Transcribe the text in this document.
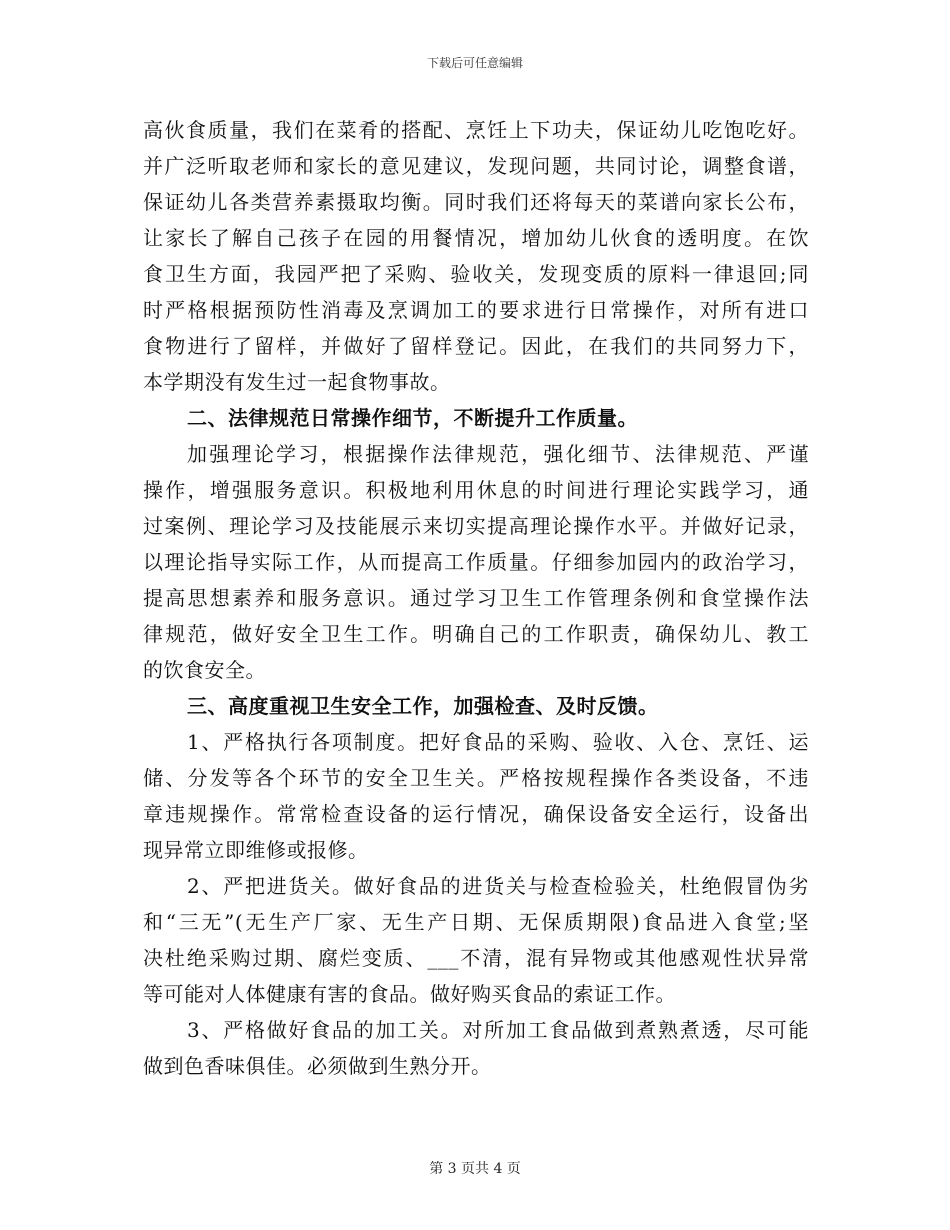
下载后可任意编辑
高伙食质量，我们在菜肴的搭配、烹饪上下功夫，保证幼儿吃饱吃好。
并广泛听取老师和家长的意见建议，发现问题，共同讨论，调整食谱，
保证幼儿各类营养素摄取均衡。同时我们还将每天的菜谱向家长公布，
让家长了解自己孩子在园的用餐情况，增加幼儿伙食的透明度。在饮
食卫生方面，我园严把了采购、验收关，发现变质的原料一律退回;同
时严格根据预防性消毒及烹调加工的要求进行日常操作，对所有进口
食物进行了留样，并做好了留样登记。因此，在我们的共同努力下，
本学期没有发生过一起食物事故。
二、法律规范日常操作细节，不断提升工作质量。
加强理论学习，根据操作法律规范，强化细节、法律规范、严谨
操作，增强服务意识。积极地利用休息的时间进行理论实践学习，通
过案例、理论学习及技能展示来切实提高理论操作水平。并做好记录，
以理论指导实际工作，从而提高工作质量。仔细参加园内的政治学习，
提高思想素养和服务意识。通过学习卫生工作管理条例和食堂操作法
律规范，做好安全卫生工作。明确自己的工作职责，确保幼儿、教工
的饮食安全。
三、高度重视卫生安全工作，加强检查、及时反馈。
1、严格执行各项制度。把好食品的采购、验收、入仓、烹饪、运
储、分发等各个环节的安全卫生关。严格按规程操作各类设备，不违
章违规操作。常常检查设备的运行情况，确保设备安全运行，设备出
现异常立即维修或报修。
2、严把进货关。做好食品的进货关与检查检验关，杜绝假冒伪劣
和“三无”(无生产厂家、无生产日期、无保质期限)食品进入食堂;坚
决杜绝采购过期、腐烂变质、___不清，混有异物或其他感观性状异常
等可能对人体健康有害的食品。做好购买食品的索证工作。
3、严格做好食品的加工关。对所加工食品做到煮熟煮透，尽可能
做到色香味俱佳。必须做到生熟分开。
第 3 页共 4 页
